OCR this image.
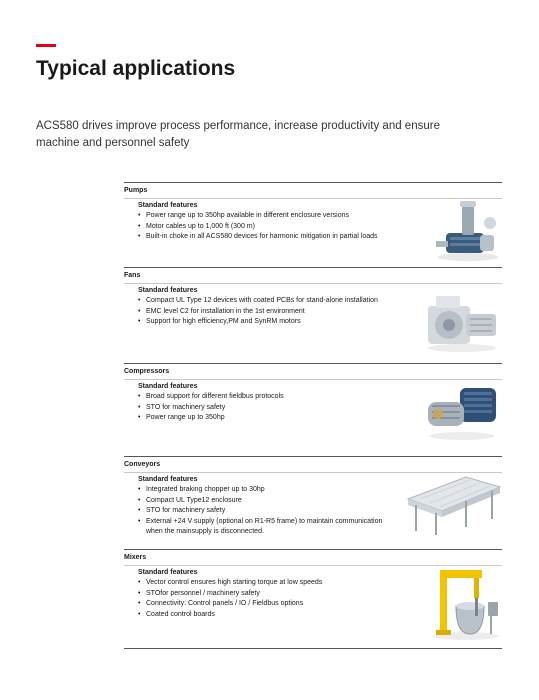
Typical applications

ACS580 drives improve process performance, increase productivity and ensure machine and personnel safety

Pumps
Standard features
• Power range up to 350hp available in different enclosure versions
• Motor cables up to 1,000 ft (300 m)
• Built-in choke in all ACS580 devices for harmonic mitigation in partial loads
Fans
Standard features
• Compact UL Type 12 devices with coated PCBs for stand-alone installation
• EMC level C2 for installation in the 1st environment
• Support for high efficiency,PM and SynRM motors
Compressors
Standard features
• Broad support for different fieldbus protocols
• STO for machinery safety
• Power range up to 350hp
Conveyors
Standard features
• Integrated braking chopper up to 30hp
• Compact UL Type12 enclosure
• STO for machinery safety
• External +24 V supply (optional on R1-R5 frame) to maintain communication when the mainsupply is disconnected.
Mixers
Standard features
• Vector control ensures high starting torque at low speeds
• STOfor personnel / machinery safety
• Connectivity: Control panels / IO / Fieldbus options
• Coated control boards
